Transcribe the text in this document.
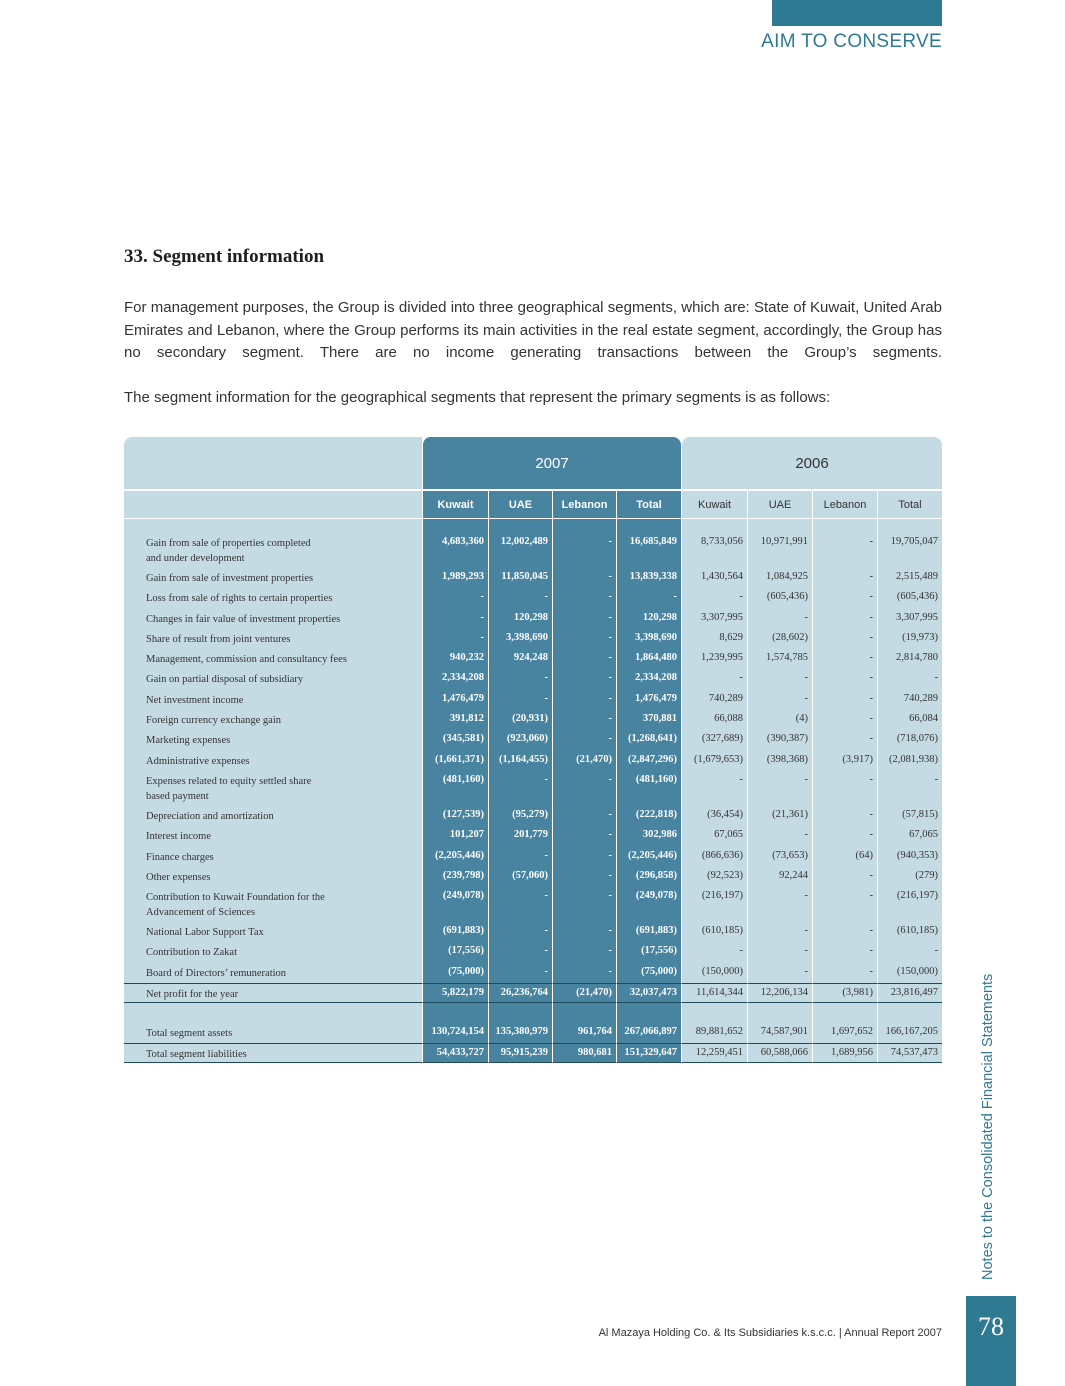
AIM TO CONSERVE
33. Segment information

For management purposes, the Group is divided into three geographical segments, which are: State of Kuwait, United Arab Emirates and Lebanon, where the Group performs its main activities in the real estate segment, accordingly, the Group has no secondary segment. There are no income generating transactions between the Group’s segments.

The segment information for the geographical segments that represent the primary segments is as follows:

	2007				2006			

	Kuwait	UAE	Lebanon	Total	Kuwait	UAE	Lebanon	Total

Gain from sale of properties completed
and under development	4,683,360	12,002,489	-	16,685,849	8,733,056	10,971,991	-	19,705,047
Gain from sale of investment properties	1,989,293	11,850,045	-	13,839,338	1,430,564	1,084,925	-	2,515,489
Loss from sale of rights to certain properties	-	-	-	-	-	(605,436)	-	(605,436)
Changes in fair value of investment properties	-	120,298	-	120,298	3,307,995	-	-	3,307,995
Share of result from joint ventures	-	3,398,690	-	3,398,690	8,629	(28,602)	-	(19,973)
Management, commission and consultancy fees	940,232	924,248	-	1,864,480	1,239,995	1,574,785	-	2,814,780
Gain on partial disposal of subsidiary	2,334,208	-	-	2,334,208	-	-	-	-
Net investment income	1,476,479	-	-	1,476,479	740,289	-	-	740,289
Foreign currency exchange gain	391,812	(20,931)	-	370,881	66,088	(4)	-	66,084
Marketing expenses	(345,581)	(923,060)	-	(1,268,641)	(327,689)	(390,387)	-	(718,076)
Administrative expenses	(1,661,371)	(1,164,455)	(21,470)	(2,847,296)	(1,679,653)	(398,368)	(3,917)	(2,081,938)
Expenses related to equity settled share
based payment	(481,160)	-	-	(481,160)	-	-	-	-
Depreciation and amortization	(127,539)	(95,279)	-	(222,818)	(36,454)	(21,361)	-	(57,815)
Interest income	101,207	201,779	-	302,986	67,065	-	-	67,065
Finance charges	(2,205,446)	-	-	(2,205,446)	(866,636)	(73,653)	(64)	(940,353)
Other expenses	(239,798)	(57,060)	-	(296,858)	(92,523)	92,244	-	(279)
Contribution to Kuwait Foundation for the
Advancement of Sciences	(249,078)	-	-	(249,078)	(216,197)	-	-	(216,197)
National Labor Support Tax	(691,883)	-	-	(691,883)	(610,185)	-	-	(610,185)
Contribution to Zakat	(17,556)	-	-	(17,556)	-	-	-	-
Board of Directors’ remuneration	(75,000)	-	-	(75,000)	(150,000)	-	-	(150,000)
Net profit for the year	5,822,179	26,236,764	(21,470)	32,037,473	11,614,344	12,206,134	(3,981)	23,816,497

Total segment assets	130,724,154	135,380,979	961,764	267,066,897	89,881,652	74,587,901	1,697,652	166,167,205
Total segment liabilities	54,433,727	95,915,239	980,681	151,329,647	12,259,451	60,588,066	1,689,956	74,537,473	Notes to the Consolidated Financial Statements
Al Mazaya Holding Co. & Its Subsidiaries k.s.c.c. | Annual Report 2007	78
